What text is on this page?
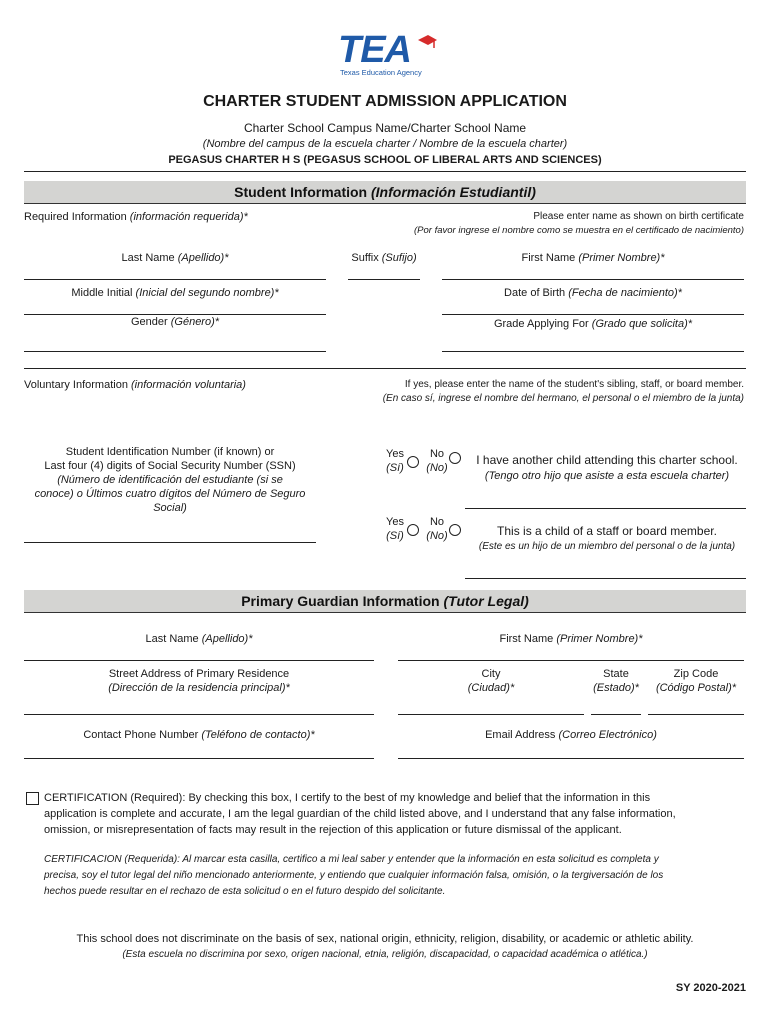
TEA
Texas Education Agency
CHARTER STUDENT ADMISSION APPLICATION
Charter School Campus Name/Charter School Name
(Nombre del campus de la escuela charter / Nombre de la escuela charter)
PEGASUS CHARTER H S (PEGASUS SCHOOL OF LIBERAL ARTS AND SCIENCES)
Student Information (Información Estudiantil)
Required Information (información requerida)*	Please enter name as shown on birth certificate
(Por favor ingrese el nombre como se muestra en el certificado de nacimiento)
Last Name (Apellido)*	Suffix (Sufijo)	First Name (Primer Nombre)*
Middle Initial (Inicial del segundo nombre)*	Date of Birth (Fecha de nacimiento)*
Gender (Género)*	Grade Applying For (Grado que solicita)*
Voluntary Information (información voluntaria)	If yes, please enter the name of the student's sibling, staff, or board member.
(En caso sí, ingrese el nombre del hermano, el personal o el miembro de la junta)
Student Identification Number (if known) or
Last four (4) digits of Social Security Number (SSN)
(Número de identificación del estudiante (si se
conoce) o Últimos cuatro dígitos del Número de Seguro
Social)
Yes
(Sí)
No
(No)
I have another child attending this charter school.
(Tengo otro hijo que asiste a esta escuela charter)
Yes
(Sí)
No
(No)	This is a child of a staff or board member.
(Este es un hijo de un miembro del personal o de la junta)
Primary Guardian Information (Tutor Legal)
Last Name (Apellido)*	First Name (Primer Nombre)*
Street Address of Primary Residence
(Dirección de la residencia principal)*
City
(Ciudad)*
State
(Estado)*
Zip Code
(Código Postal)*
Contact Phone Number (Teléfono de contacto)*	Email Address (Correo Electrónico)
CERTIFICATION (Required): By checking this box, I certify to the best of my knowledge and belief that the information in this
application is complete and accurate, I am the legal guardian of the child listed above, and I understand that any false information,
omission, or misrepresentation of facts may result in the rejection of this application or future dismissal of the applicant.
CERTIFICACION (Requerida): Al marcar esta casilla, certifico a mi leal saber y entender que la información en esta solicitud es completa y
precisa, soy el tutor legal del niño mencionado anteriormente, y entiendo que cualquier información falsa, omisión, o la tergiversación de los
hechos puede resultar en el rechazo de esta solicitud o en el futuro despido del solicitante.
This school does not discriminate on the basis of sex, national origin, ethnicity, religion, disability, or academic or athletic ability.
(Esta escuela no discrimina por sexo, origen nacional, etnia, religión, discapacidad, o capacidad académica o atlética.)
SY 2020-2021
